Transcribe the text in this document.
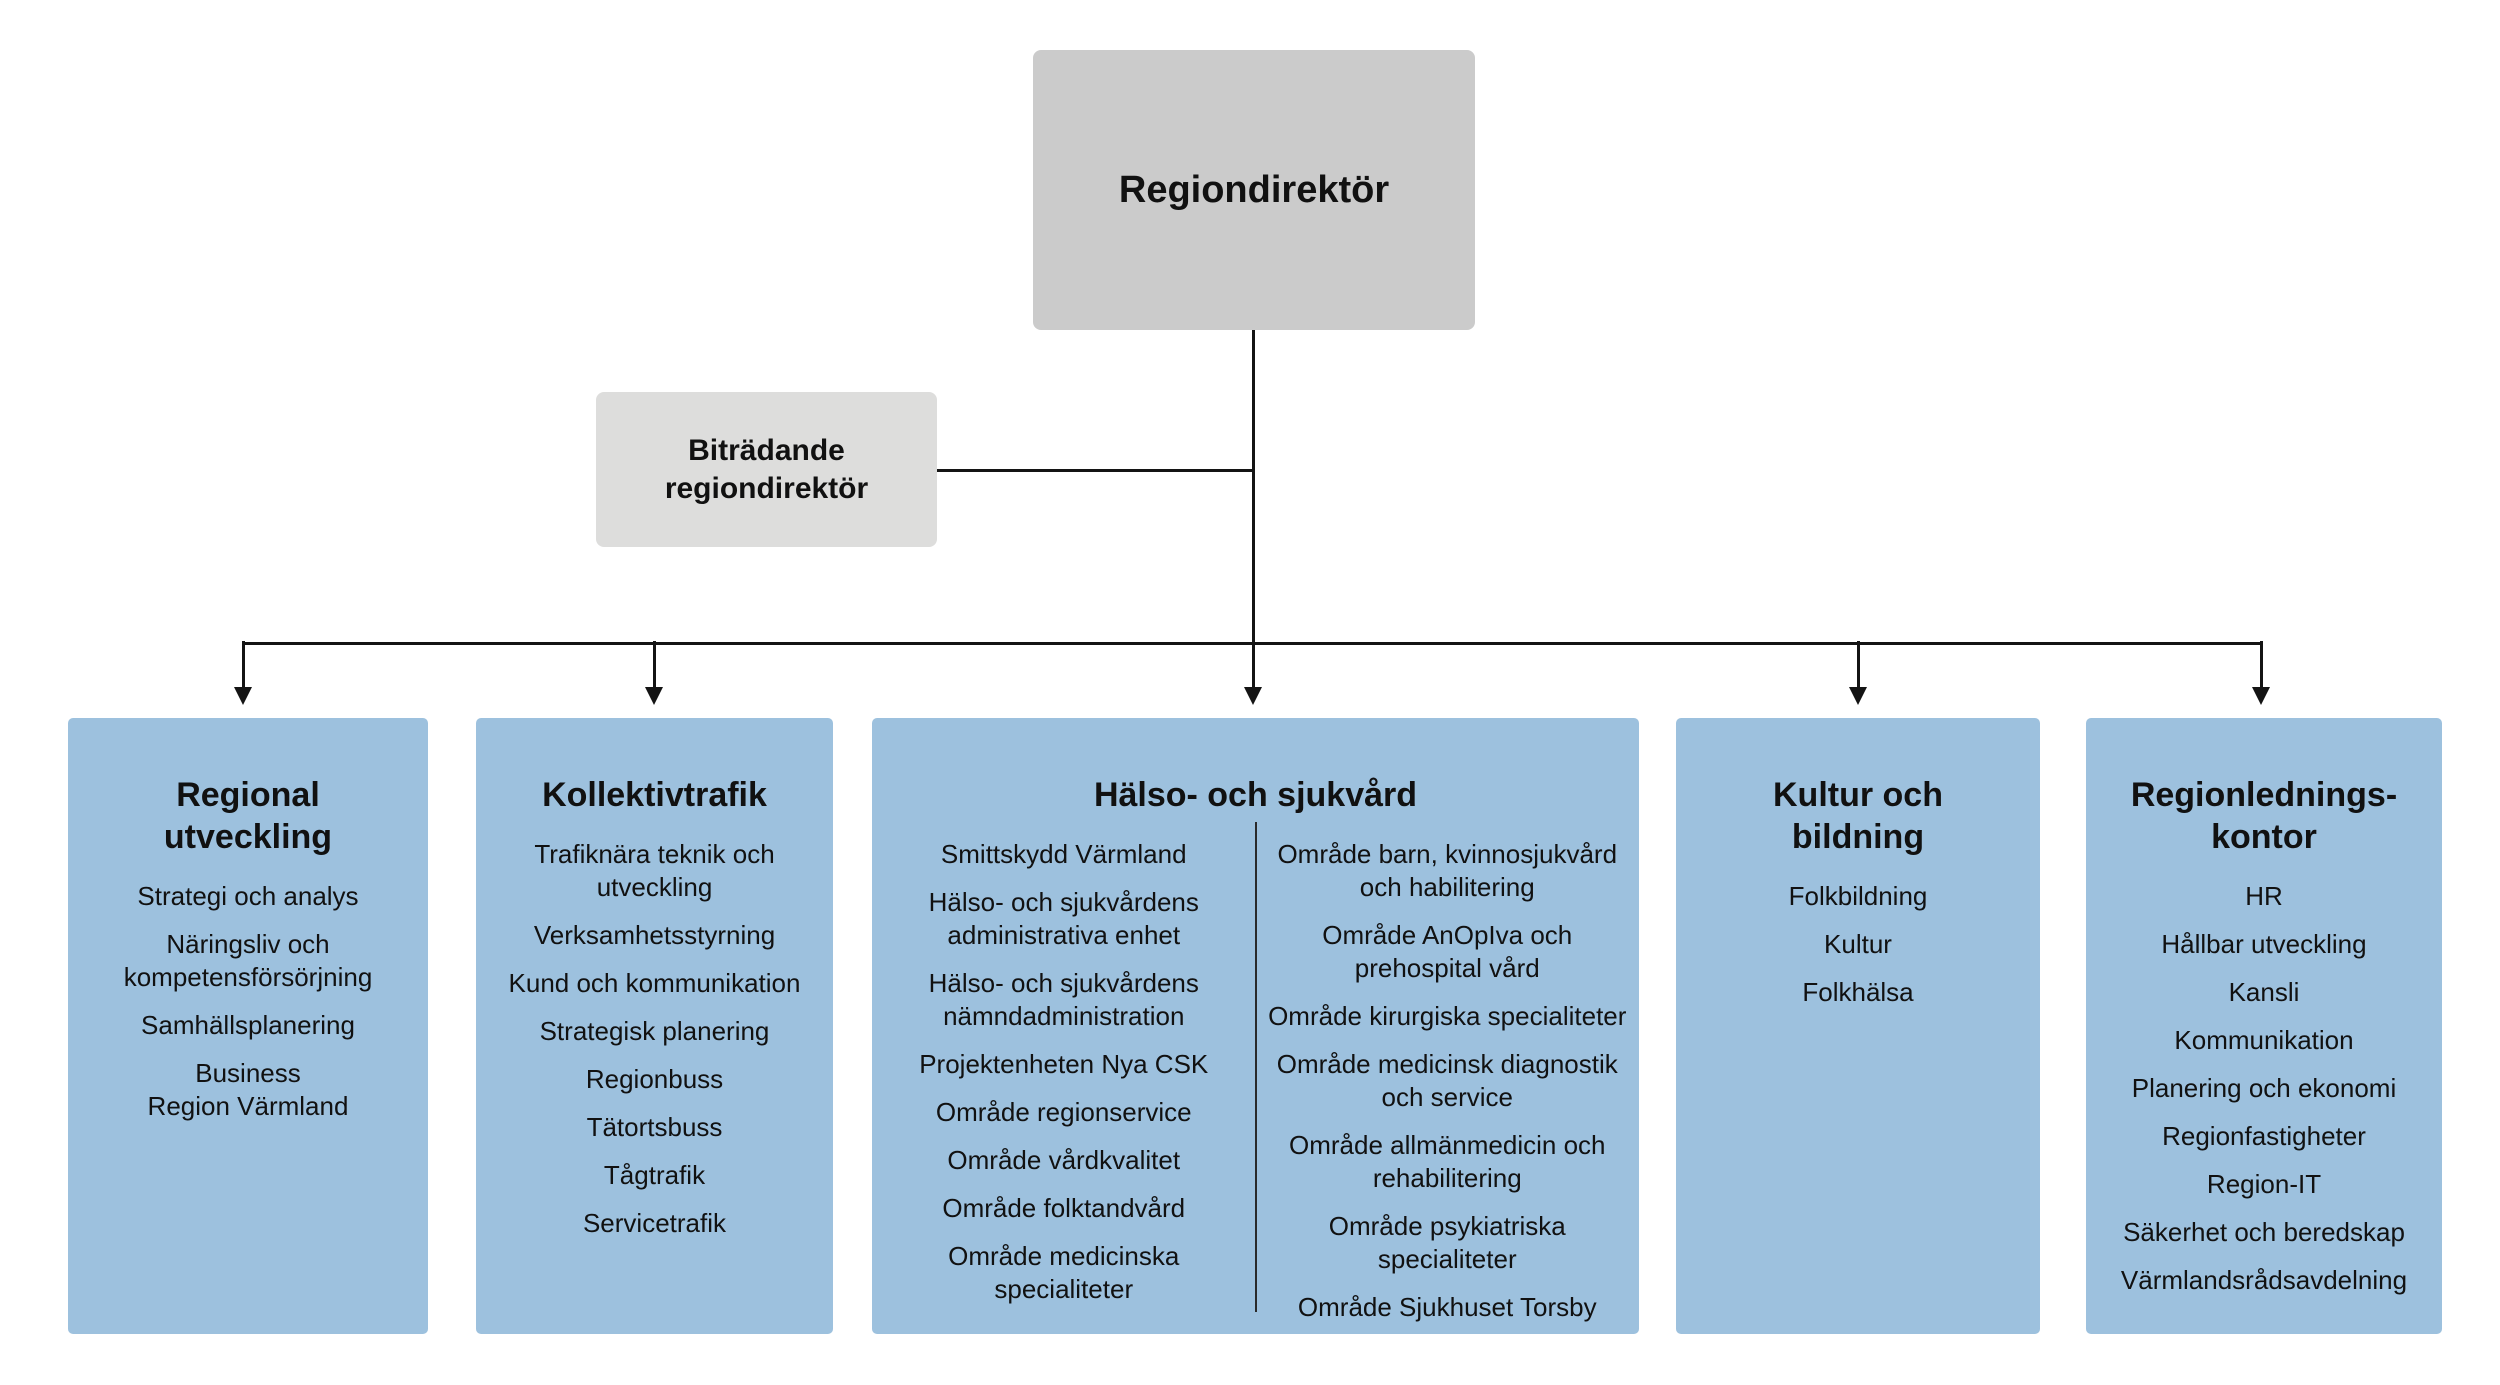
Regiondirektör
Biträdande
regiondirektör
Regional
utveckling
Strategi och analys
Näringsliv och
kompetensförsörjning
Samhällsplanering
Business
Region Värmland
Kollektivtrafik
Trafiknära teknik och
utveckling
Verksamhetsstyrning
Kund och kommunikation
Strategisk planering
Regionbuss
Tätortsbuss
Tågtrafik
Servicetrafik
Hälso- och sjukvård
Smittskydd Värmland
Hälso- och sjukvårdens
administrativa enhet
Hälso- och sjukvårdens
nämndadministration
Projektenheten Nya CSK
Område regionservice
Område vårdkvalitet
Område folktandvård
Område medicinska
specialiteter
Område barn, kvinnosjukvård
och habilitering
Område AnOpIva och
prehospital vård
Område kirurgiska specialiteter
Område medicinsk diagnostik
och service
Område allmänmedicin och
rehabilitering
Område psykiatriska
specialiteter
Område Sjukhuset Torsby
Kultur och
bildning
Folkbildning
Kultur
Folkhälsa
Regionlednings-
kontor
HR
Hållbar utveckling
Kansli
Kommunikation
Planering och ekonomi
Regionfastigheter
Region-IT
Säkerhet och beredskap
Värmlandsrådsavdelning
